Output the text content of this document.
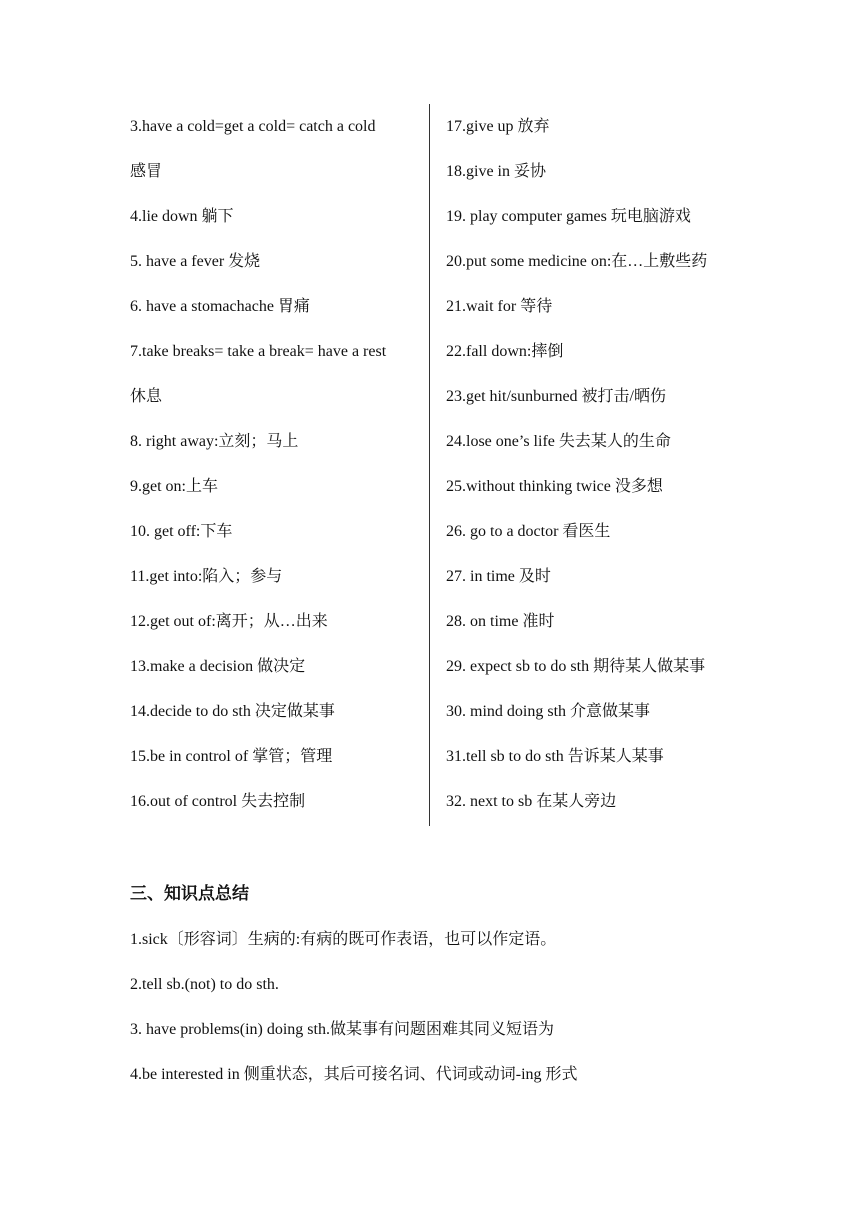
3.have a cold=get a cold= catch a cold
感冒
4.lie down 躺下
5. have a fever 发烧
6. have a stomachache 胃痛
7.take breaks= take a break= have a rest
休息
8. right away:立刻；马上
9.get on:上车
10. get off:下车
11.get into:陷入；参与
12.get out of:离开；从…出来
13.make a decision 做决定
14.decide to do sth 决定做某事
15.be in control of 掌管；管理
16.out of control 失去控制
17.give up 放弃
18.give in 妥协
19. play computer games 玩电脑游戏
20.put some medicine on:在…上敷些药
21.wait for 等待
22.fall down:摔倒
23.get hit/sunburned 被打击/晒伤
24.lose one’s life 失去某人的生命
25.without thinking twice 没多想
26. go to a doctor 看医生
27. in time 及时
28. on time 准时
29. expect sb to do sth 期待某人做某事
30. mind doing sth 介意做某事
31.tell sb to do sth 告诉某人某事
32. next to sb 在某人旁边
三、知识点总结
1.sick〔形容词〕生病的:有病的既可作表语，也可以作定语。
2.tell sb.(not) to do sth.
3. have problems(in) doing sth.做某事有问题困难其同义短语为
4.be interested in 侧重状态，其后可接名词、代词或动词-ing 形式
